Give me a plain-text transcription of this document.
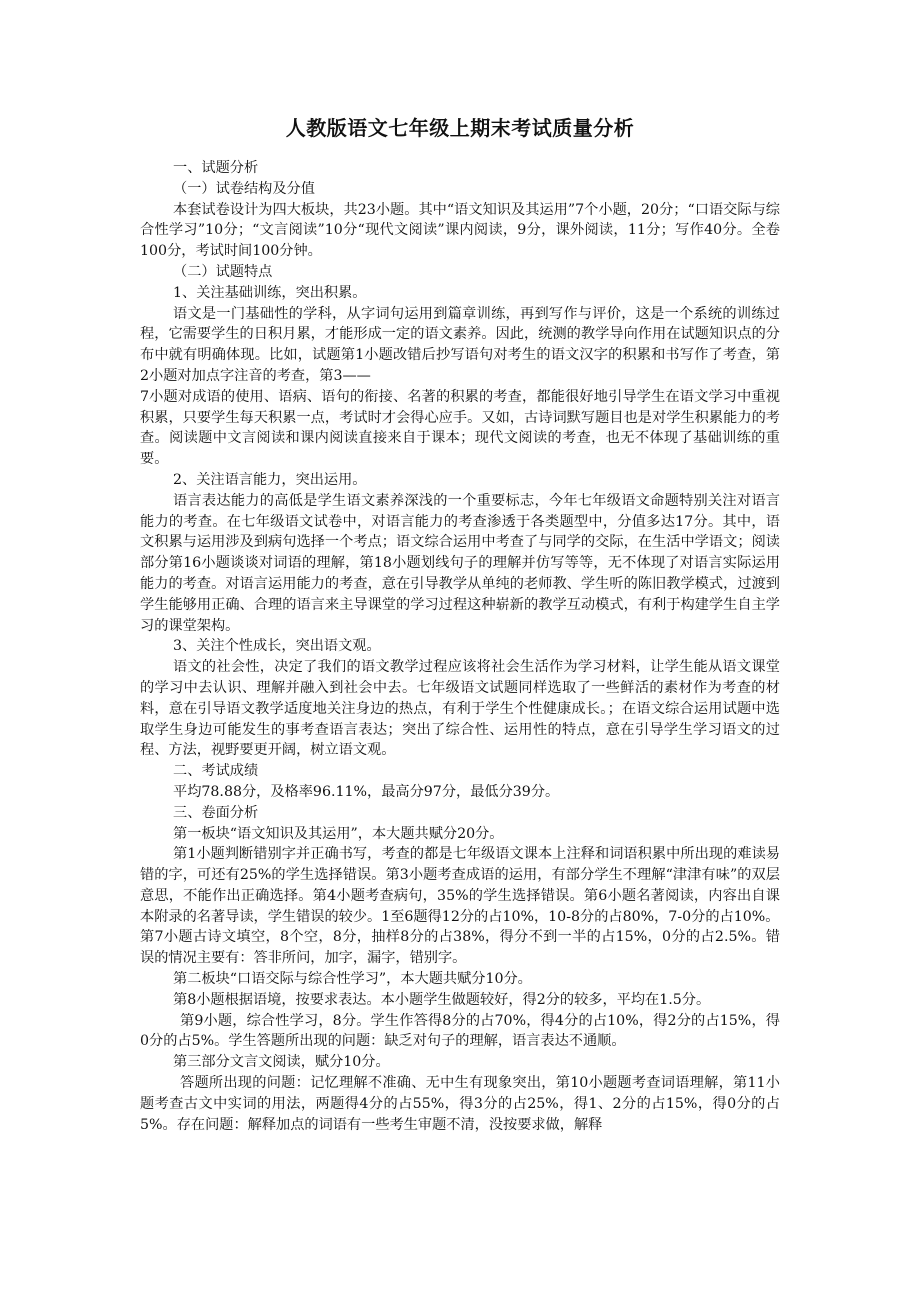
人教版语文七年级上期末考试质量分析

一、试题分析

（一）试卷结构及分值

本套试卷设计为四大板块，共23小题。其中“语文知识及其运用”7个小题，20分；“口语交际与综合性学习”10分；“文言阅读”10分“现代文阅读”课内阅读，9分，课外阅读，11分；写作40分。全卷100分，考试时间100分钟。

（二）试题特点

1、关注基础训练，突出积累。

语文是一门基础性的学科，从字词句运用到篇章训练，再到写作与评价，这是一个系统的训练过程，它需要学生的日积月累，才能形成一定的语文素养。因此，统测的教学导向作用在试题知识点的分布中就有明确体现。比如，试题第1小题改错后抄写语句对考生的语文汉字的积累和书写作了考查，第2小题对加点字注音的考查，第3——

7小题对成语的使用、语病、语句的衔接、名著的积累的考查，都能很好地引导学生在语文学习中重视积累，只要学生每天积累一点，考试时才会得心应手。又如，古诗词默写题目也是对学生积累能力的考查。阅读题中文言阅读和课内阅读直接来自于课本；现代文阅读的考查，也无不体现了基础训练的重要。

2、关注语言能力，突出运用。

语言表达能力的高低是学生语文素养深浅的一个重要标志，今年七年级语文命题特别关注对语言能力的考查。在七年级语文试卷中，对语言能力的考查渗透于各类题型中，分值多达17分。其中，语文积累与运用涉及到病句选择一个考点；语文综合运用中考查了与同学的交际，在生活中学语文；阅读部分第16小题谈谈对词语的理解，第18小题划线句子的理解并仿写等等，无不体现了对语言实际运用能力的考查。对语言运用能力的考查，意在引导教学从单纯的老师教、学生听的陈旧教学模式，过渡到学生能够用正确、合理的语言来主导课堂的学习过程这种崭新的教学互动模式，有利于构建学生自主学习的课堂架构。

3、关注个性成长，突出语文观。

语文的社会性，决定了我们的语文教学过程应该将社会生活作为学习材料，让学生能从语文课堂的学习中去认识、理解并融入到社会中去。七年级语文试题同样选取了一些鲜活的素材作为考查的材料，意在引导语文教学适度地关注身边的热点，有利于学生个性健康成长。；在语文综合运用试题中选取学生身边可能发生的事考查语言表达；突出了综合性、运用性的特点，意在引导学生学习语文的过程、方法，视野要更开阔，树立语文观。

二、考试成绩

平均78.88分，及格率96.11%，最高分97分，最低分39分。

三、卷面分析

第一板块“语文知识及其运用”，本大题共赋分20分。

第1小题判断错别字并正确书写，考查的都是七年级语文课本上注释和词语积累中所出现的难读易错的字，可还有25%的学生选择错误。第3小题考查成语的运用，有部分学生不理解“津津有味”的双层意思，不能作出正确选择。第4小题考查病句，35%的学生选择错误。第6小题名著阅读，内容出自课本附录的名著导读，学生错误的较少。1至6题得12分的占10%，10-8分的占80%，7-0分的占10%。

第7小题古诗文填空，8个空，8分，抽样8分的占38%，得分不到一半的占15%，0分的占2.5%。错误的情况主要有：答非所问，加字，漏字，错别字。

第二板块“口语交际与综合性学习”，本大题共赋分10分。

第8小题根据语境，按要求表达。本小题学生做题较好，得2分的较多，平均在1.5分。

第9小题，综合性学习，8分。学生作答得8分的占70%，得4分的占10%，得2分的占15%，得0分的占5%。学生答题所出现的问题：缺乏对句子的理解，语言表达不通顺。

第三部分文言文阅读，赋分10分。

答题所出现的问题：记忆理解不准确、无中生有现象突出，第10小题题考查词语理解，第11小题考查古文中实词的用法，两题得4分的占55%，得3分的占25%，得1、2分的占15%，得0分的占5%。存在问题：解释加点的词语有一些考生审题不清，没按要求做，解释
